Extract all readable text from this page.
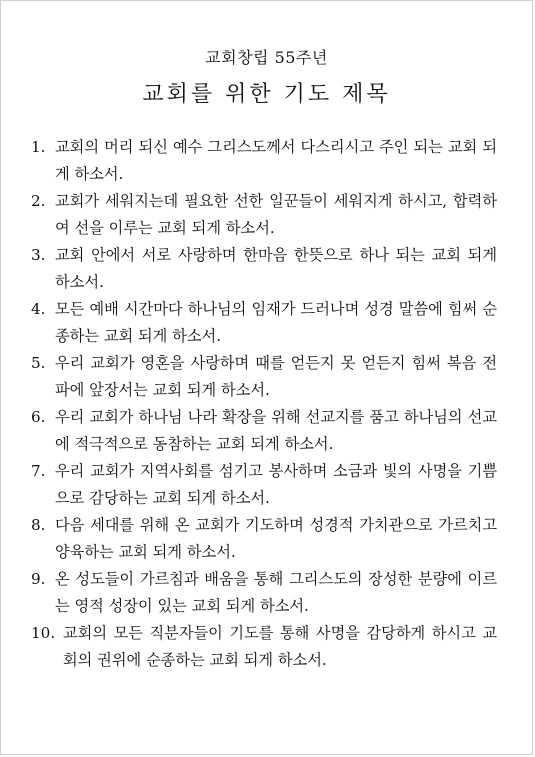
교회창립 55주년
교회를 위한 기도 제목
1. 교회의 머리 되신 예수 그리스도께서 다스리시고 주인 되는 교회 되게 하소서.
2. 교회가 세워지는데 필요한 선한 일꾼들이 세워지게 하시고, 합력하여 선을 이루는 교회 되게 하소서.
3. 교회 안에서 서로 사랑하며 한마음 한뜻으로 하나 되는 교회 되게 하소서.
4. 모든 예배 시간마다 하나님의 임재가 드러나며 성경 말씀에 힘써 순종하는 교회 되게 하소서.
5. 우리 교회가 영혼을 사랑하며 때를 얻든지 못 얻든지 힘써 복음 전파에 앞장서는 교회 되게 하소서.
6. 우리 교회가 하나님 나라 확장을 위해 선교지를 품고 하나님의 선교에 적극적으로 동참하는 교회 되게 하소서.
7. 우리 교회가 지역사회를 섬기고 봉사하며 소금과 빛의 사명을 기쁨으로 감당하는 교회 되게 하소서.
8. 다음 세대를 위해 온 교회가 기도하며 성경적 가치관으로 가르치고 양육하는 교회 되게 하소서.
9. 온 성도들이 가르침과 배움을 통해 그리스도의 장성한 분량에 이르는 영적 성장이 있는 교회 되게 하소서.
10. 교회의 모든 직분자들이 기도를 통해 사명을 감당하게 하시고 교회의 권위에 순종하는 교회 되게 하소서.
